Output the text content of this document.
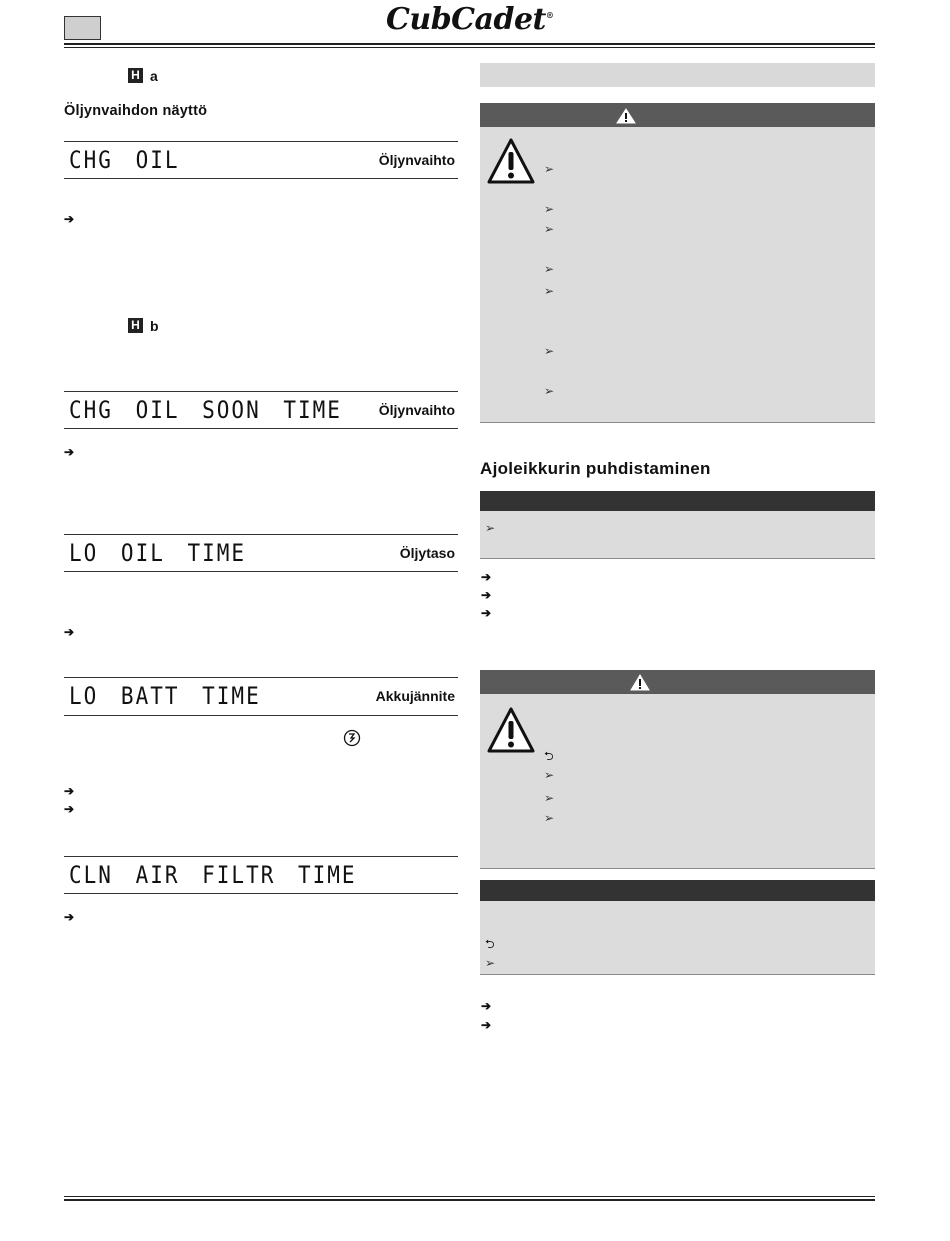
CubCadet®
H a
Öljynvaihdon näyttö
CHG OIL	Öljynvaihto
➔
H b
CHG OIL SOON TIME	Öljynvaihto
➔
LO OIL TIME	Öljytaso
➔
LO BATT TIME	Akkujännite
➔
➔
CLN AIR FILTR TIME
➔
➢
➢
➢
➢
➢
➢
➢
Ajoleikkurin puhdistaminen
➢
➔
➔
➔
⮌
➢
➢
➢
⮌
➢
➔
➔
